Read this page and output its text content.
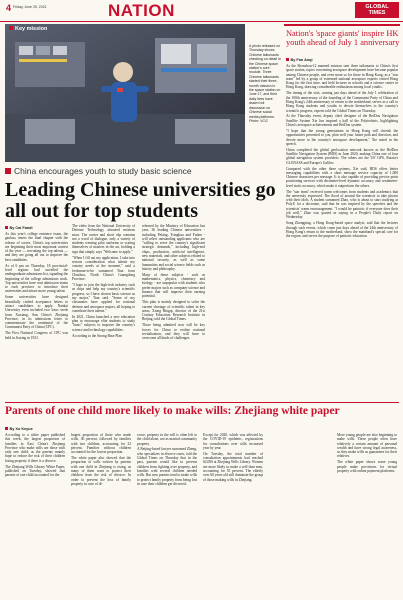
4 Friday, June 25, 2021	NATION	GLOBAL
TIMES
Key mission
A photo released on Thursday shows Chinese taikonauts checking on detail in the Chinese space station's core module. Three Chinese taikonauts started their three-month mission in the space station on June 17, and their daily lives have drawn hot discussion on Chinese social media platforms. Photo: VCG
Nation's 'space giants' inspire HK youth ahead of July 1 anniversary
By Fan Anqi

As the Shenzhou-12 manned mission sent three taikonauts to China's first space station, topics concerning aerospace development have become popular among Chinese people, and even more so for those in Hong Kong, as a "star team" led by a group of esteemed national aerospace experts visited Hong Kong for the first time, and held lectures in schools and a science center in Hong Kong, drawing considerable enthusiasm among local youths.

The timing of the visit, coming just days ahead of the July 1 celebration of the 100th anniversary of the founding of the Communist Party of China and Hong Kong's 24th anniversary of return to the motherland, serves as a call to Hong Kong students and youths to devote themselves to the country's scientific progress, experts told the Global Times on Thursday.

At the Thursday event, deputy chief designer of the BeiDou Navigation Satellite System Xie Jun inspired a hall of the Polytechnic, highlighting China's aerospace achievements and BeiDou system.

"I hope that the young generations in Hong Kong will cherish the opportunities presented to you, plan well your future path and direction, and devote more to the country's aerospace development," Xie noted in the speech.

China completed the global geolocation network known as the BeiDou Satellite Navigation System (BDS) in June 2020, making China one of four global navigation system providers. The others are the US' GPS, Russia's GLONASS and Europe's Galileo.

Compared with the other three systems, Xie said, BDS offers better messaging capabilities with a short message service capacity of 1,000 Chinese characters per message. It is also capable of providing precise point positioning services with decimeter-level dynamic accuracy and centimeter-level static accuracy, which make it outperform the others.

The "star team" received warm welcomes from students and academics that the university expressed. The flood of around the scientists to take photos with their idols. A student surnamed Zhao, who is about to start studying at PolyU for a doctorate, said that he was inspired by the speeches and the scientists' warm encouragement. "I would be patriotic if everyone does their job well," Zhao was quoted as saying in a People's Daily report on Wednesday.

Song Zhongping, a Hong Kong-based space analyst, said that the lectures through such events, which come just days ahead of the 24th anniversary of Hong Kong's return to the motherland, show the mainland's special care for the region, and serves the purpose of patriotic education.

China encourages youth to study basic science
Leading Chinese universities go all out for top students
By Cai Fandi

As this year's college entrance exam, the gaokao, enters the final chapter with the release of scores, China's top universities are beginning their most important contest of the year — recruiting the top talents — and they are going all out to improve the best candidates.

As of 6 pm on Thursday, 18 provincial-level regions had unveiled the undergraduate admissions list, signaling the beginning of the college admissions work. Top universities have sent admission teams to each province to introduce their universities and attract more young talent.

Some universities have designed beautifully crafted acceptance letters to attract candidates to apply. Nankai University even included two lotus seeds from Xuxiang, Sun China's Zhejiang Province, in its admissions letter to commemorate the centennial of the Communist Party of China (CPC).

The First National Congress of CPC was held in Jiaxing in 1921.

The video from the National University of Defense Technology attracted netizens most. The corner and short clip contains not a word of dialogue, only a variety of students wearing pilot uniforms or scaring themselves of masters in the art, holding a sign that simply says "Welcome to apply."

"When I fill out my application, I take into serious consideration what talents my country needs at the moment," said a freshman-to-be surnamed Tian from Chuzhou, North China's Guangdong Province.

"I hope to join the high-tech industry such as chips and help my country's scientific progress, so I have chosen basic science as my major," Tian said. "Some of my classmates have applied for national defense and aerospace majors, all hoping to contribute their talents."

In 2021, China launched a new education plan to encourage elite students to study "basic" subjects to improve the country's science and technology capabilities.

According to the Strong Base Plan

released by the Ministry of Education last year, 36 leading Chinese universities - including Peking, Tsinghua and Fudan - will select outstanding applicants who are "willing to serve the country's significant strategic demands," including high-end chips, production, artificial intelligence, new materials, and other subjects related to national security, as well as some humanities and social science fields such as history and philosophy.

Many of these subjects - such as mathematics, physics, chemistry and biology - are unpopular with students who prefer majors such as computer science and finance that will improve their earning potential.

This plan is mainly designed to solve the current shortage of scientific talent in key areas, Xiong Bingqi, director of the 21st Century Education Research Institute in Beijing, told the Global Times.

Those being admitted now will be key forces for China to realize national revitalization, and they will have to overcome all kinds of challenges.

Parents of one child more likely to make wills: Zhejiang white paper
By Xu Keyue

According to a white paper published this week, the largest proportion of families in East China's Zhejiang Province who make wills are those with only one child, as the parents mainly hope to reduce the risk of their children losing property if there is a divorce.

The Zhejiang Wills Library White Paper, published on Tuesday, showed that parents of one child accounted for the

largest proportion of those who made wills, 30 percent, followed by families with two children, accounting for 32 percent. Families without children accounted for the lowest proportion.

The white paper also showed that the proportion of wills written by parents with one child in Zhejiang is rising, as many of them want to protect their children from the risk of divorce. In order to prevent the loss of family property in case of di-

vorce, property in the will is often left to the child alone, not as marital community property.

A Beijing-based lawyer surnamed Zheng, who specializes in divorce cases, told the Global Times on Thursday that in the past, parents would like to prevent children from fighting over property, and families with several children needed wills. But now parents tend to make wills to protect family property from being lost in case their children get divorced.

Except for 2020, which was affected by the COVID-19 epidemic, registrations for consultations over wills increased year by year.

On Tuesday, the total number of consultation appointments had reached 62,000 at Zhejiang Wills Library. Women are more likely to make a will than men, accounting for 55 percent. The elderly over 60 years old still dominate the group of those making wills in Zhejiang.

More young people are also beginning to make wills. These people often have relatively a certain amount of personal wealth and have strong legal awareness, so they make wills as guarantees for their relatives.

The white paper shows some young people make provisions for virtual property with online payment platforms.
